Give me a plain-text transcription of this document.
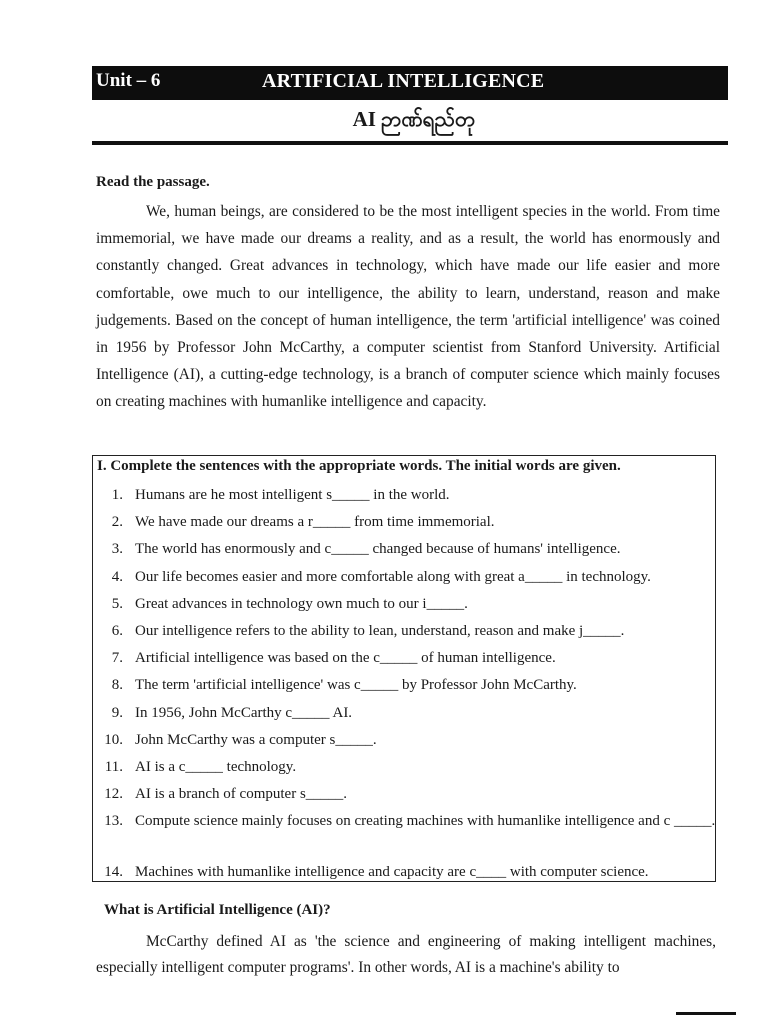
Unit – 6	ARTIFICIAL INTELLIGENCE
AI ဉာဏ်ရည်တု
Read the passage.

We, human beings, are considered to be the most intelligent species in the world. From time immemorial, we have made our dreams a reality, and as a result, the world has enormously and constantly changed. Great advances in technology, which have made our life easier and more comfortable, owe much to our intelligence, the ability to learn, understand, reason and make judgements. Based on the concept of human intelligence, the term 'artificial intelligence' was coined in 1956 by Professor John McCarthy, a computer scientist from Stanford University. Artificial Intelligence (AI), a cutting-edge technology, is a branch of computer science which mainly focuses on creating machines with humanlike intelligence and capacity.

I. Complete the sentences with the appropriate words. The initial words are given.
1. Humans are he most intelligent s_____ in the world.
2. We have made our dreams a r_____ from time immemorial.
3. The world has enormously and c_____ changed because of humans' intelligence.
4. Our life becomes easier and more comfortable along with great a_____ in technology.
5. Great advances in technology own much to our i_____.
6. Our intelligence refers to the ability to lean, understand, reason and make j_____.
7. Artificial intelligence was based on the c_____ of human intelligence.
8. The term 'artificial intelligence' was c_____ by Professor John McCarthy.
9. In 1956, John McCarthy c_____ AI.
10. John McCarthy was a computer s_____.
11. AI is a c_____ technology.
12. AI is a branch of computer s_____.
13. Compute science mainly focuses on creating machines with humanlike intelligence and c _____.
14. Machines with humanlike intelligence and capacity are c____ with computer science.
What is Artificial Intelligence (AI)?

McCarthy defined AI as 'the science and engineering of making intelligent machines, especially intelligent computer programs'. In other words, AI is a machine's ability to
